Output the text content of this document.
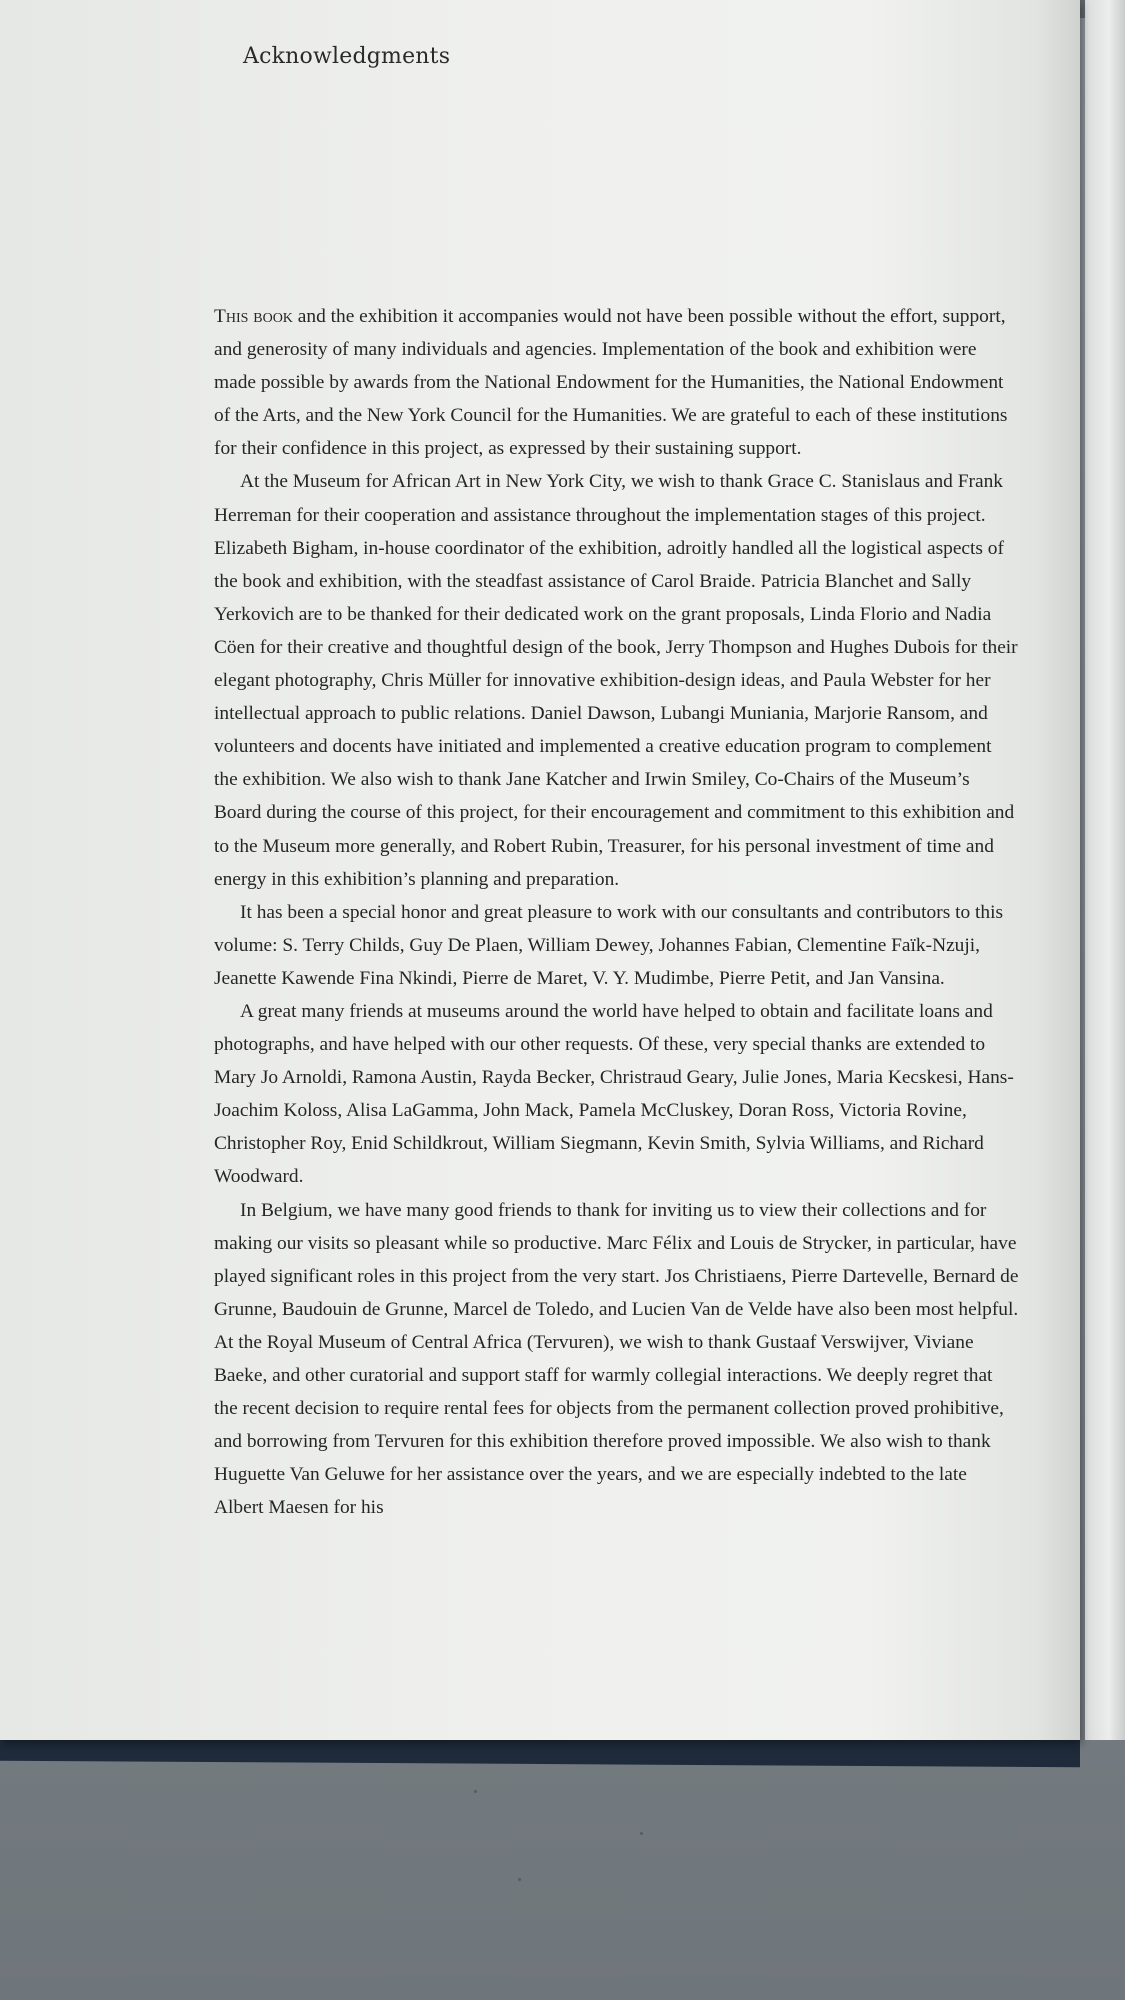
Acknowledgments

This book and the exhibition it accompanies would not have been possible without the effort, support, and generosity of many individuals and agencies. Implementation of the book and exhibition were made possible by awards from the National Endowment for the Humanities, the National Endowment of the Arts, and the New York Council for the Humanities. We are grateful to each of these institutions for their confidence in this project, as expressed by their sustaining support.

At the Museum for African Art in New York City, we wish to thank Grace C. Stanislaus and Frank Herreman for their cooperation and assistance throughout the implementation stages of this project. Elizabeth Bigham, in-house coordinator of the exhibition, adroitly handled all the logistical aspects of the book and exhibition, with the steadfast assistance of Carol Braide. Patricia Blanchet and Sally Yerkovich are to be thanked for their dedicated work on the grant proposals, Linda Florio and Nadia Cöen for their creative and thoughtful design of the book, Jerry Thompson and Hughes Dubois for their elegant photography, Chris Müller for innovative exhibition-design ideas, and Paula Webster for her intellectual approach to public relations. Daniel Dawson, Lubangi Muniania, Marjorie Ransom, and volunteers and docents have initiated and implemented a creative education program to complement the exhibition. We also wish to thank Jane Katcher and Irwin Smiley, Co-Chairs of the Museum’s Board during the course of this project, for their encouragement and commitment to this exhibition and to the Museum more generally, and Robert Rubin, Treasurer, for his personal investment of time and energy in this exhibition’s planning and preparation.

It has been a special honor and great pleasure to work with our consultants and contributors to this volume: S. Terry Childs, Guy De Plaen, William Dewey, Johannes Fabian, Clementine Faïk-Nzuji, Jeanette Kawende Fina Nkindi, Pierre de Maret, V. Y. Mudimbe, Pierre Petit, and Jan Vansina.

A great many friends at museums around the world have helped to obtain and facilitate loans and photographs, and have helped with our other requests. Of these, very special thanks are extended to Mary Jo Arnoldi, Ramona Austin, Rayda Becker, Christraud Geary, Julie Jones, Maria Kecskesi, Hans-Joachim Koloss, Alisa LaGamma, John Mack, Pamela McCluskey, Doran Ross, Victoria Rovine, Christopher Roy, Enid Schildkrout, William Siegmann, Kevin Smith, Sylvia Williams, and Richard Woodward.

In Belgium, we have many good friends to thank for inviting us to view their collections and for making our visits so pleasant while so productive. Marc Félix and Louis de Strycker, in particular, have played significant roles in this project from the very start. Jos Christiaens, Pierre Dartevelle, Bernard de Grunne, Baudouin de Grunne, Marcel de Toledo, and Lucien Van de Velde have also been most helpful. At the Royal Museum of Central Africa (Tervuren), we wish to thank Gustaaf Verswijver, Viviane Baeke, and other curatorial and support staff for warmly collegial interactions. We deeply regret that the recent decision to require rental fees for objects from the permanent collection proved prohibitive, and borrowing from Tervuren for this exhibition therefore proved impossible. We also wish to thank Huguette Van Geluwe for her assistance over the years, and we are especially indebted to the late Albert Maesen for his
